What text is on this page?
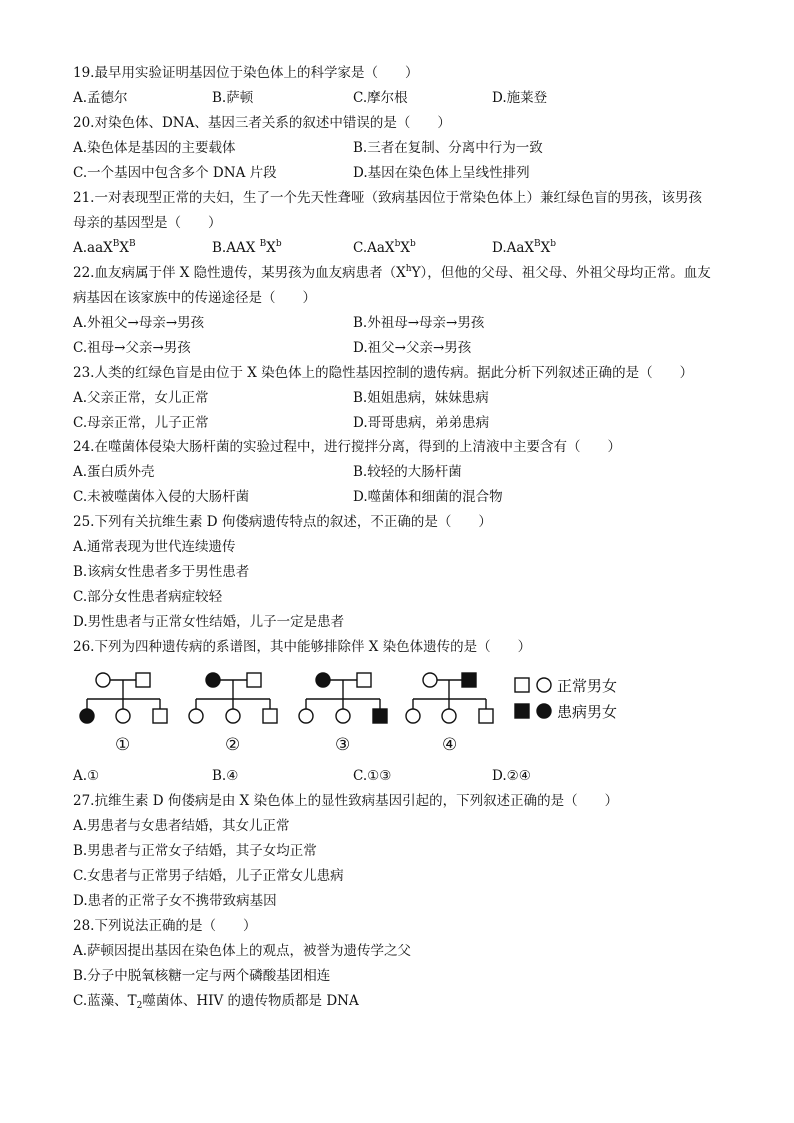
19.最早用实验证明基因位于染色体上的科学家是（　　）
A.孟德尔	B.萨顿	C.摩尔根	D.施莱登
20.对染色体、DNA、基因三者关系的叙述中错误的是（　　）
A.染色体是基因的主要载体	B.三者在复制、分离中行为一致
C.一个基因中包含多个 DNA 片段	D.基因在染色体上呈线性排列
21.一对表现型正常的夫妇，生了一个先天性聋哑（致病基因位于常染色体上）兼红绿色盲的男孩，该男孩
母亲的基因型是（　　）
$A.aaX^BX^B$	B.AAX $^BX^b$	$C.AaX^bX^b$	$D.AaX^BX^b$
22.血友病属于伴 X 隐性遗传，某男孩为血友病患者$(X^hY)$，但他的父母、祖父母、外祖父母均正常。血友
病基因在该家族中的传递途径是（　　）
A.外祖父→母亲→男孩	B.外祖母→母亲→男孩
C.祖母→父亲→男孩	D.祖父→父亲→男孩
23.人类的红绿色盲是由位于 X 染色体上的隐性基因控制的遗传病。据此分析下列叙述正确的是（　　）
A.父亲正常，女儿正常	B.姐姐患病，妹妹患病
C.母亲正常，儿子正常	D.哥哥患病，弟弟患病
24.在噬菌体侵染大肠杆菌的实验过程中，进行搅拌分离，得到的上清液中主要含有（　　）
A.蛋白质外壳	B.较轻的大肠杆菌
C.未被噬菌体入侵的大肠杆菌	D.噬菌体和细菌的混合物
25.下列有关抗维生素 D 佝偻病遗传特点的叙述，不正确的是（　　）
A.通常表现为世代连续遗传
B.该病女性患者多于男性患者
C.部分女性患者病症较轻
D.男性患者与正常女性结婚，儿子一定是患者
26.下列为四种遗传病的系谱图，其中能够排除伴 X 染色体遗传的是（　　）
正常男女
患病男女
①	②	③	④
A.①	B.④	C.①③	D.②④
27.抗维生素 D 佝偻病是由 X 染色体上的显性致病基因引起的，下列叙述正确的是（　　）
A.男患者与女患者结婚，其女儿正常
B.男患者与正常女子结婚，其子女均正常
C.女患者与正常男子结婚，儿子正常女儿患病
D.患者的正常子女不携带致病基因
28.下列说法正确的是（　　）
A.萨顿因提出基因在染色体上的观点，被誉为遗传学之父
B.分子中脱氧核糖一定与两个磷酸基团相连
C.蓝藻、$T_2$噬菌体、HIV 的遗传物质都是 DNA
